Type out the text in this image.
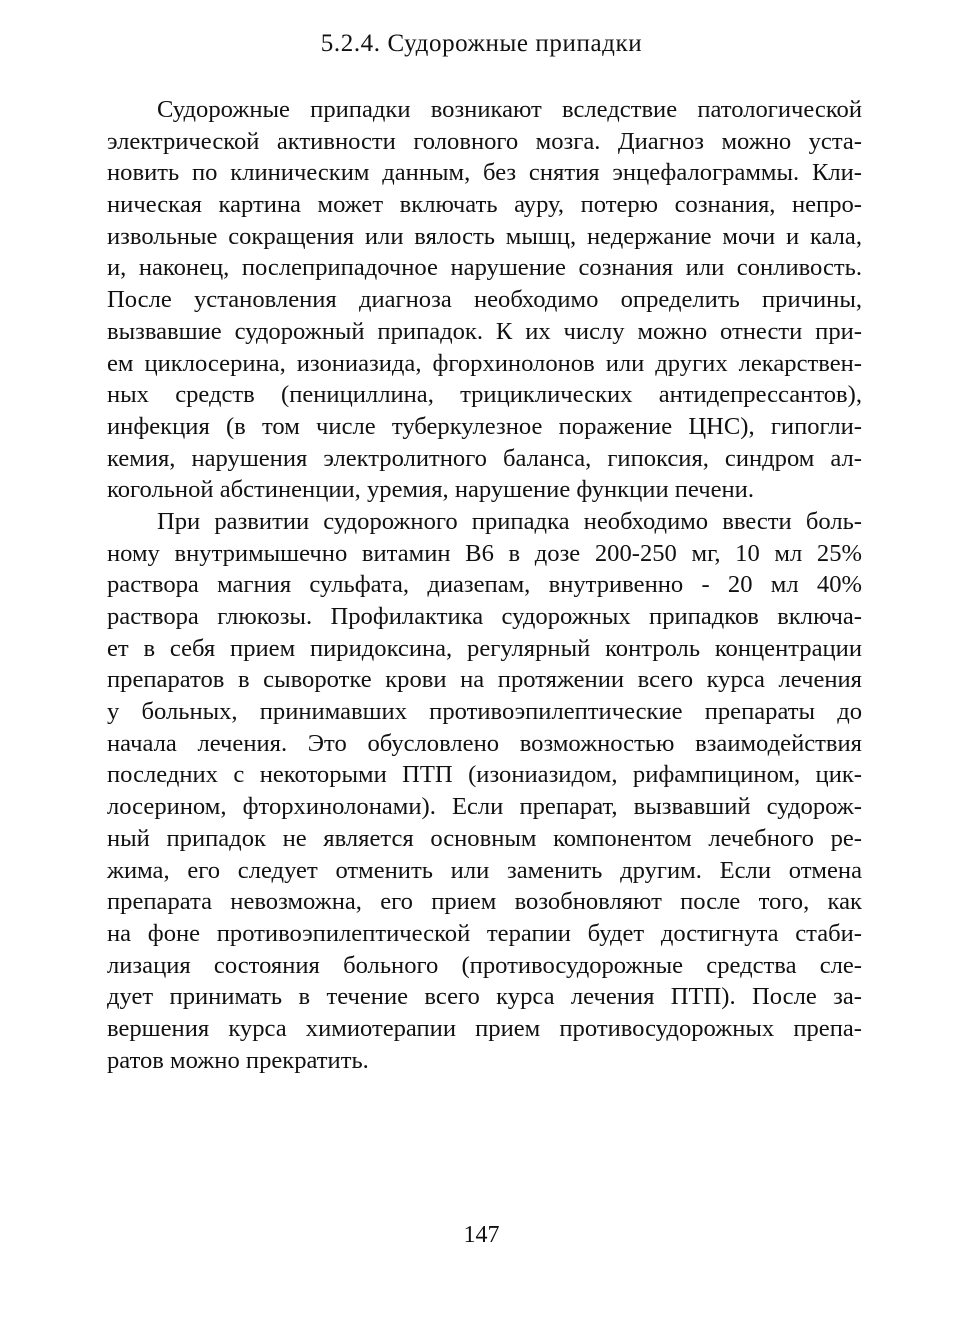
5.2.4. Судорожные припадки
Судорожные припадки возникают вследствие патологической
электрической активности головного мозга. Диагноз можно уста-
новить по клиническим данным, без снятия энцефалограммы. Кли-
ническая картина может включать ауру, потерю сознания, непро-
извольные сокращения или вялость мышц, недержание мочи и кала,
и, наконец, послеприпадочное нарушение сознания или сонливость.
После установления диагноза необходимо определить причины,
вызвавшие судорожный припадок. К их числу можно отнести при-
ем циклосерина, изониазида, фгорхинолонов или других лекарствен-
ных средств (пенициллина, трициклических антидепрессантов),
инфекция (в том числе туберкулезное поражение ЦНС), гипогли-
кемия, нарушения электролитного баланса, гипоксия, синдром ал-
когольной абстиненции, уремия, нарушение функции печени.
При развитии судорожного припадка необходимо ввести боль-
ному внутримышечно витамин B6 в дозе 200-250 мг, 10 мл 25%
раствора магния сульфата, диазепам, внутривенно - 20 мл 40%
раствора глюкозы. Профилактика судорожных припадков включа-
ет в себя прием пиридоксина, регулярный контроль концентрации
препаратов в сыворотке крови на протяжении всего курса лечения
у больных, принимавших противоэпилептические препараты до
начала лечения. Это обусловлено возможностью взаимодействия
последних с некоторыми ПТП (изониазидом, рифампицином, цик-
лосерином, фторхинолонами). Если препарат, вызвавший судорож-
ный припадок не является основным компонентом лечебного ре-
жима, его следует отменить или заменить другим. Если отмена
препарата невозможна, его прием возобновляют после того, как
на фоне противоэпилептической терапии будет достигнута стаби-
лизация состояния больного (противосудорожные средства сле-
дует принимать в течение всего курса лечения ПТП). После за-
вершения курса химиотерапии прием противосудорожных препа-
ратов можно прекратить.
147
